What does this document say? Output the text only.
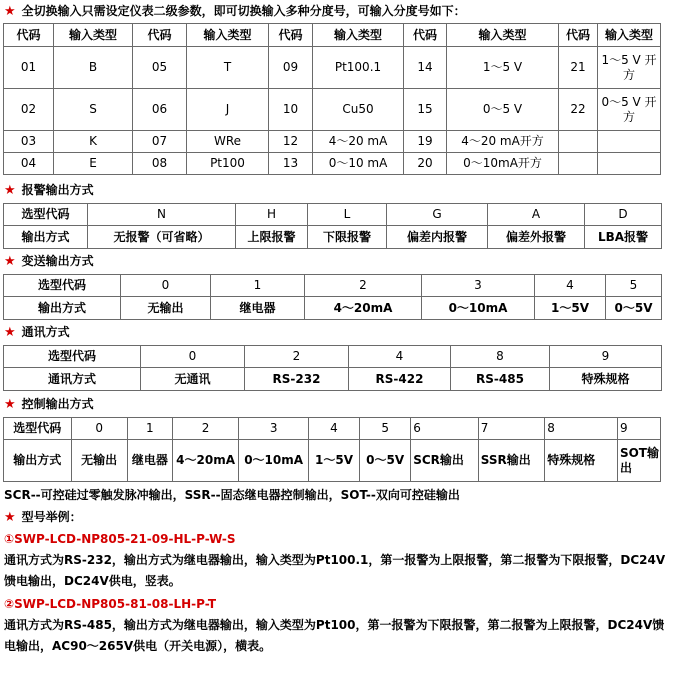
★ 全切换输入只需设定仪表二级参数，即可切换输入多种分度号，可输入分度号如下：
代码	输入类型	代码	输入类型	代码	输入类型	代码	输入类型	代码	输入类型
01	B	05	T	09	Pt100.1	14	1～5 V	21	1～5 V 开方
02	S	06	J	10	Cu50	15	0～5 V	22	0～5 V 开方
03	K	07	WRe	12	4～20 mA	19	4～20 mA开方		
04	E	08	Pt100	13	0～10 mA	20	0～10mA开方		
★ 报警输出方式
选型代码	N	H	L	G	A	D
输出方式	无报警（可省略）	上限报警	下限报警	偏差内报警	偏差外报警	LBA报警
★ 变送输出方式
选型代码	0	1	2	3	4	5
输出方式	无输出	继电器	4～20mA	0～10mA	1～5V	0～5V
★ 通讯方式
选型代码	0	2	4	8	9
通讯方式	无通讯	RS-232	RS-422	RS-485	特殊规格
★ 控制输出方式
选型代码	0	1	2	3	4	5	6	7	8	9
输出方式	无输出	继电器	4～20mA	0～10mA	1～5V	0～5V	SCR输出	SSR输出	特殊规格	SOT输出
SCR--可控硅过零触发脉冲输出，SSR--固态继电器控制输出，SOT--双向可控硅输出
★ 型号举例：
①SWP-LCD-NP805-21-09-HL-P-W-S
通讯方式为RS-232，输出方式为继电器输出，输入类型为Pt100.1，第一报警为上限报警，第二报警为下限报警，DC24V馈电输出，DC24V供电，竖表。
②SWP-LCD-NP805-81-08-LH-P-T
通讯方式为RS-485，输出方式为继电器输出，输入类型为Pt100，第一报警为下限报警，第二报警为上限报警，DC24V馈电输出，AC90～265V供电（开关电源），横表。
